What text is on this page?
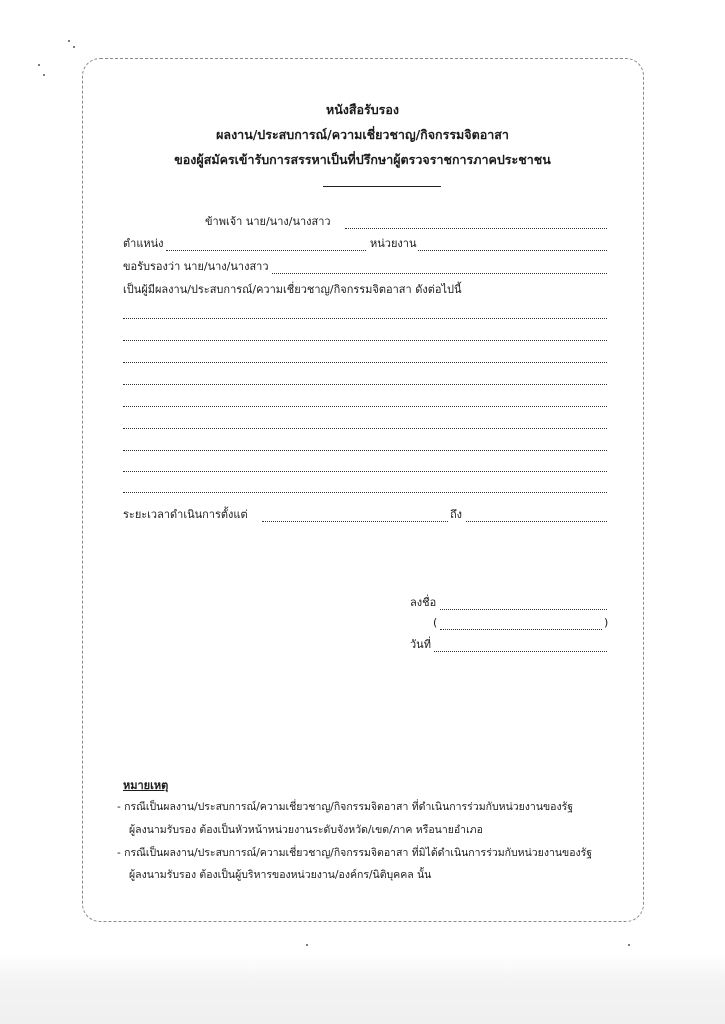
หนังสือรับรอง
ผลงาน/ประสบการณ์/ความเชี่ยวชาญ/กิจกรรมจิตอาสา
ของผู้สมัครเข้ารับการสรรหาเป็นที่ปรึกษาผู้ตรวจราชการภาคประชาชน
ข้าพเจ้า นาย/นาง/นางสาว
ตำแหน่ง	หน่วยงาน
ขอรับรองว่า นาย/นาง/นางสาว
เป็นผู้มีผลงาน/ประสบการณ์/ความเชี่ยวชาญ/กิจกรรมจิตอาสา ดังต่อไปนี้
ระยะเวลาดำเนินการตั้งแต่	ถึง
ลงชื่อ
(	)
วันที่
หมายเหตุ
- กรณีเป็นผลงาน/ประสบการณ์/ความเชี่ยวชาญ/กิจกรรมจิตอาสา ที่ดำเนินการร่วมกับหน่วยงานของรัฐ
ผู้ลงนามรับรอง ต้องเป็นหัวหน้าหน่วยงานระดับจังหวัด/เขต/ภาค หรือนายอำเภอ
- กรณีเป็นผลงาน/ประสบการณ์/ความเชี่ยวชาญ/กิจกรรมจิตอาสา ที่มิได้ดำเนินการร่วมกับหน่วยงานของรัฐ
ผู้ลงนามรับรอง ต้องเป็นผู้บริหารของหน่วยงาน/องค์กร/นิติบุคคล นั้น
